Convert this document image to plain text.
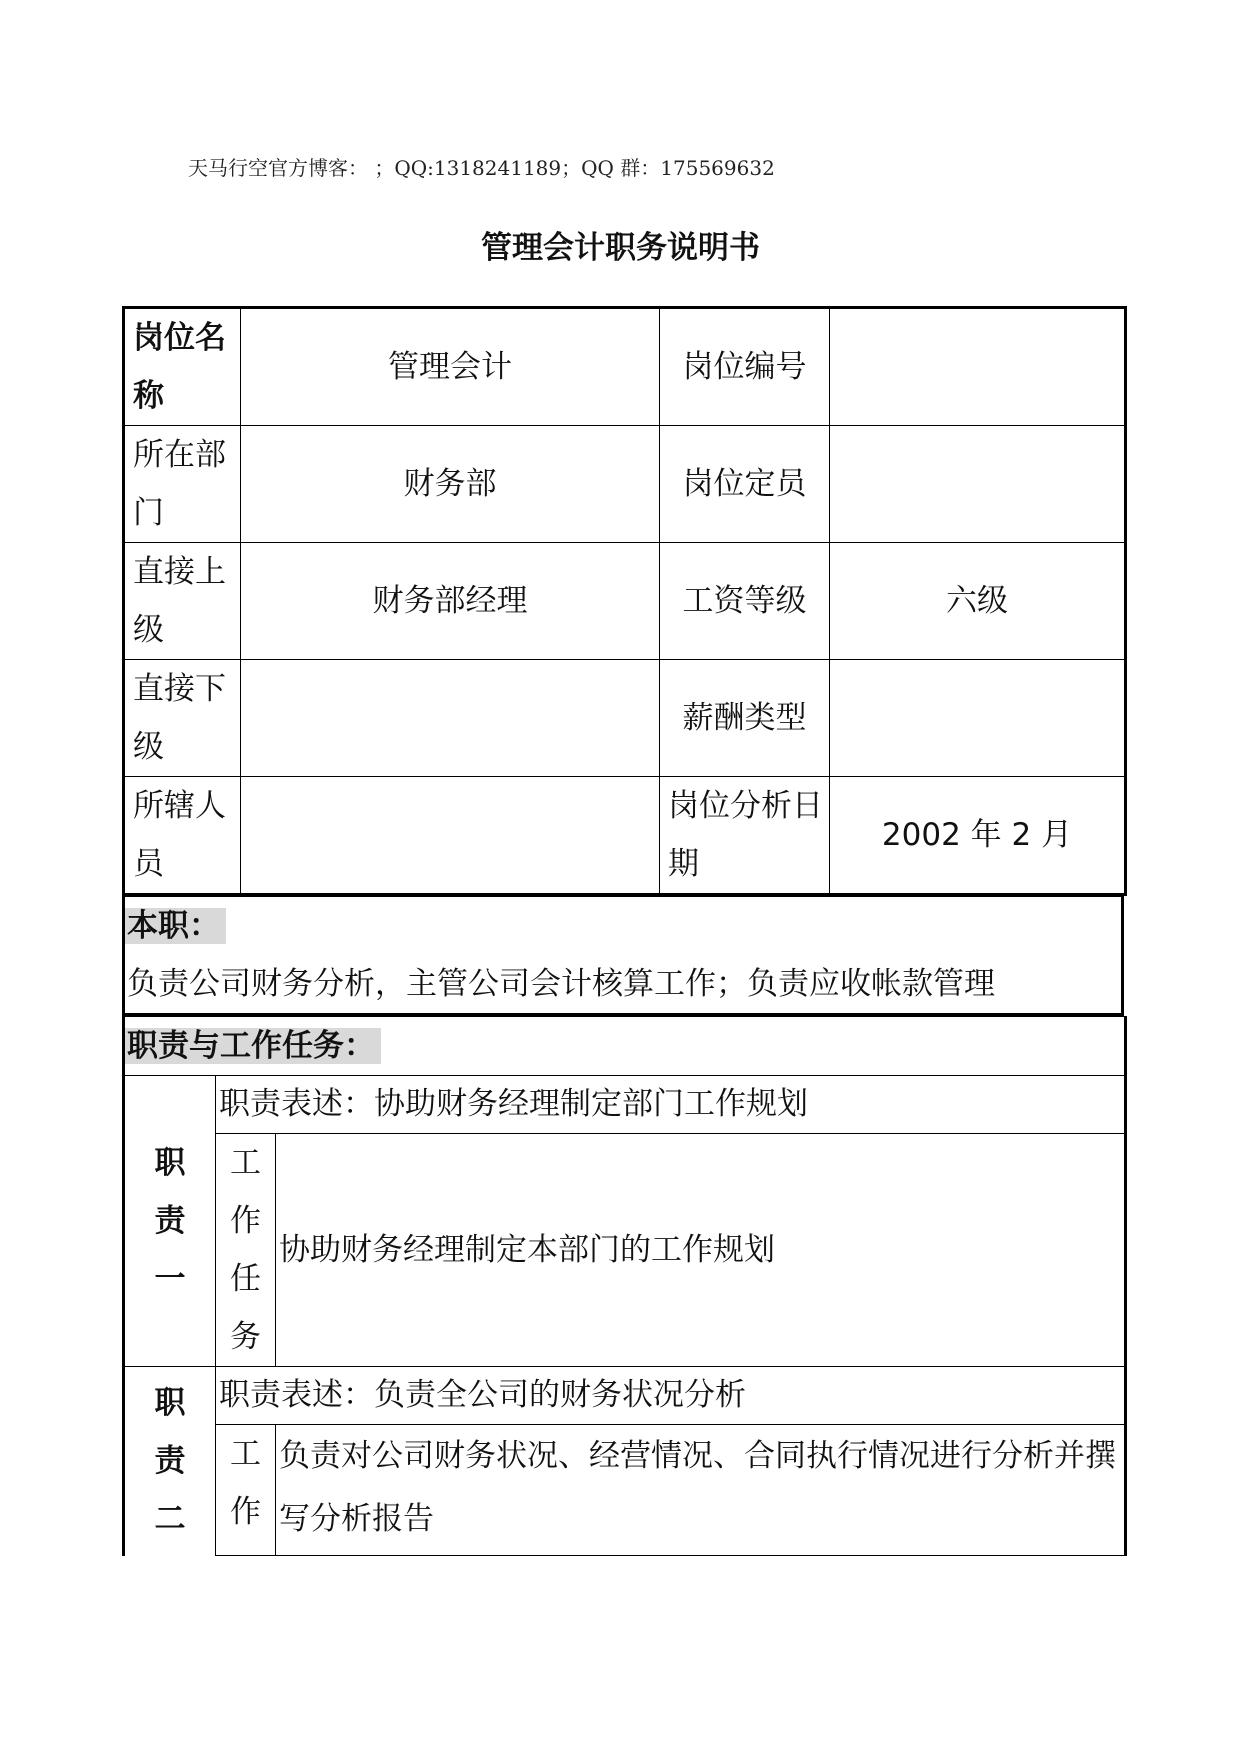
天马行空官方博客： ；QQ:1318241189；QQ 群：175569632
管理会计职务说明书
岗位名称	管理会计	岗位编号	
所在部门	财务部	岗位定员	
直接上级	财务部经理	工资等级	六级
直接下级		薪酬类型	
所辖人员		岗位分析日期	2002 年 2 月
本职：
负责公司财务分析，主管公司会计核算工作；负责应收帐款管理
职责与工作任务：		
职责一	职责表述：协助财务经理制定部门工作规划	
	工作任务	协助财务经理制定本部门的工作规划
职责二	职责表述：负责全公司的财务状况分析	
	工作	负责对公司财务状况、经营情况、合同执行情况进行分析并撰写分析报告
